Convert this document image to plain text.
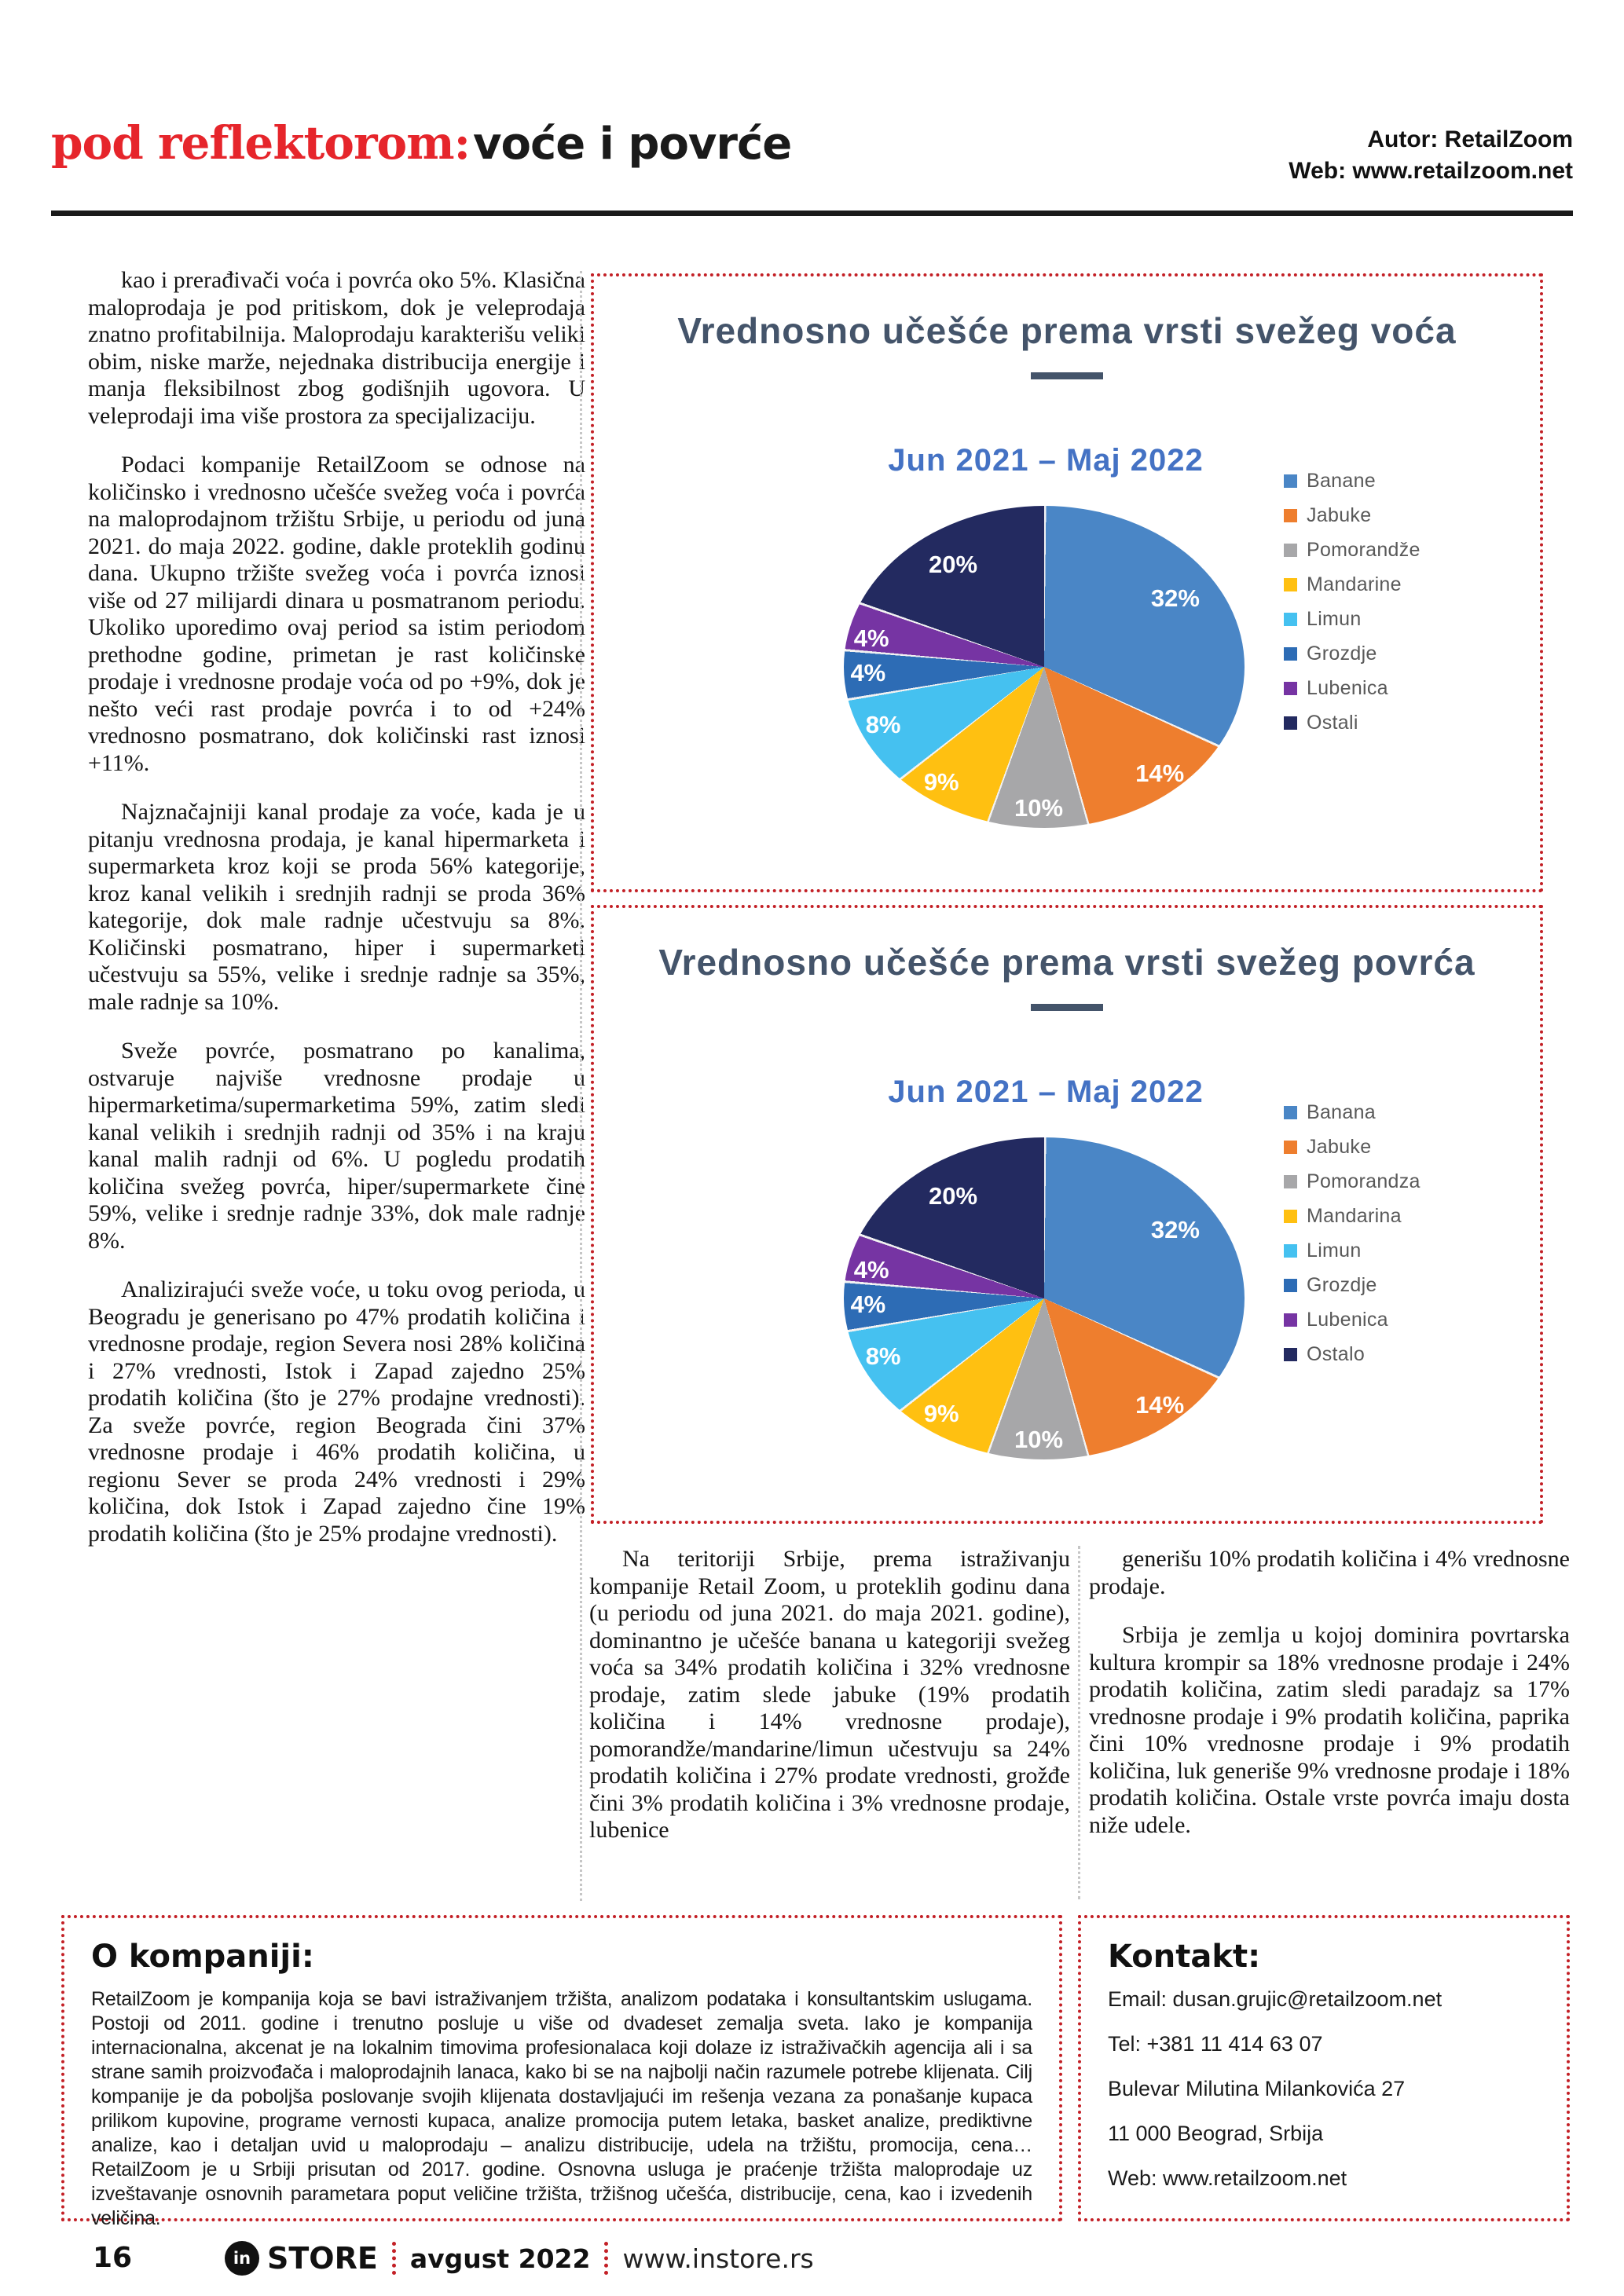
pod reflektorom: voće i povrće	Autor: RetailZoom
Web: www.retailzoom.net

kao i prerađivači voća i povrća oko 5%. Klasična maloprodaja je pod pritiskom, dok je veleprodaja znatno profitabilnija. Maloprodaju karakterišu veliki obim, niske marže, nejednaka distribucija energije i manja fleksibilnost zbog godišnjih ugovora. U veleprodaji ima više prostora za specijalizaciju.

Podaci kompanije RetailZoom se odnose na količinsko i vrednosno učešće svežeg voća i povrća na maloprodajnom tržištu Srbije, u periodu od juna 2021. do maja 2022. godine, dakle proteklih godinu dana. Ukupno tržište svežeg voća i povrća iznosi više od 27 milijardi dinara u posmatranom periodu. Ukoliko uporedimo ovaj period sa istim periodom prethodne godine, primetan je rast količinske prodaje i vrednosne prodaje voća od po +9%, dok je nešto veći rast prodaje povrća i to od +24% vrednosno posmatrano, dok količinski rast iznosi +11%.

Najznačajniji kanal prodaje za voće, kada je u pitanju vrednosna prodaja, je kanal hipermarketa i supermarketa kroz koji se proda 56% kategorije, kroz kanal velikih i srednjih radnji se proda 36% kategorije, dok male radnje učestvuju sa 8%. Količinski posmatrano, hiper i supermarketi učestvuju sa 55%, velike i srednje radnje sa 35%, male radnje sa 10%.

Sveže povrće, posmatrano po kanalima, ostvaruje najviše vrednosne prodaje u hipermarketima/supermarketima 59%, zatim sledi kanal velikih i srednjih radnji od 35% i na kraju kanal malih radnji od 6%. U pogledu prodatih količina svežeg povrća, hiper/supermarkete čine 59%, velike i srednje radnje 33%, dok male radnje 8%.

Analizirajući sveže voće, u toku ovog perioda, u Beogradu je generisano po 47% prodatih količina i vrednosne prodaje, region Severa nosi 28% količina i 27% vrednosti, Istok i Zapad zajedno 25% prodatih količina (što je 27% prodajne vrednosti). Za sveže povrće, region Beograda čini 37% vrednosne prodaje i 46% prodatih količina, u regionu Sever se proda 24% vrednosti i 29% količina, dok Istok i Zapad zajedno čine 19% prodatih količina (što je 25% prodajne vrednosti).

Vrednosno učešće prema vrsti svežeg voća
Jun 2021 – Maj 2022
32%
14%
10%
9%
8%
4%
4%
20%
Banane
Jabuke
Pomorandže
Mandarine
Limun
Grozdje
Lubenica
Ostali
Vrednosno učešće prema vrsti svežeg povrća
Jun 2021 – Maj 2022
32%
14%
10%
9%
8%
4%
4%
20%
Banana
Jabuke
Pomorandza
Mandarina
Limun
Grozdje
Lubenica
Ostalo

Na teritoriji Srbije, prema istraživanju kompanije Retail Zoom, u proteklih godinu dana (u periodu od juna 2021. do maja 2021. godine), dominantno je učešće banana u kategoriji svežeg voća sa 34% prodatih količina i 32% vrednosne prodaje, zatim slede jabuke (19% prodatih količina i 14% vrednosne prodaje), pomorandže/mandarine/limun učestvuju sa 24% prodatih količina i 27% prodate vrednosti, grožđe čini 3% prodatih količina i 3% vrednosne prodaje, lubenice

generišu 10% prodatih količina i 4% vrednosne prodaje.

Srbija je zemlja u kojoj dominira povrtarska kultura krompir sa 18% vrednosne prodaje i 24% prodatih količina, zatim sledi paradajz sa 17% vrednosne prodaje i 9% prodatih količina, paprika čini 10% vrednosne prodaje i 9% prodatih količina, luk generiše 9% vrednosne prodaje i 18% prodatih količina. Ostale vrste povrća imaju dosta niže udele.

O kompaniji:

RetailZoom je kompanija koja se bavi istraživanjem tržišta, analizom podataka i konsultantskim uslugama. Postoji od 2011. godine i trenutno posluje u više od dvadeset zemalja sveta. Iako je kompanija internacionalna, akcenat je na lokalnim timovima profesionalaca koji dolaze iz istraživačkih agencija ali i sa strane samih proizvođača i maloprodajnih lanaca, kako bi se na najbolji način razumele potrebe klijenata. Cilj kompanije je da poboljša poslovanje svojih klijenata dostavljajući im rešenja vezana za ponašanje kupaca prilikom kupovine, programe vernosti kupaca, analize promocija putem letaka, basket analize, prediktivne analize, kao i detaljan uvid u maloprodaju – analizu distribucije, udela na tržištu, promocija, cena… RetailZoom je u Srbiji prisutan od 2017. godine. Osnovna usluga je praćenje tržišta maloprodaje uz izveštavanje osnovnih parametara poput veličine tržišta, tržišnog učešća, distribucije, cena, kao i izvedenih veličina.

Kontakt:
Email: dusan.grujic@retailzoom.net
Tel: +381 11 414 63 07
Bulevar Milutina Milankovića 27
11 000 Beograd, Srbija
Web: www.retailzoom.net
16	in STORE avgust 2022 www.instore.rs
